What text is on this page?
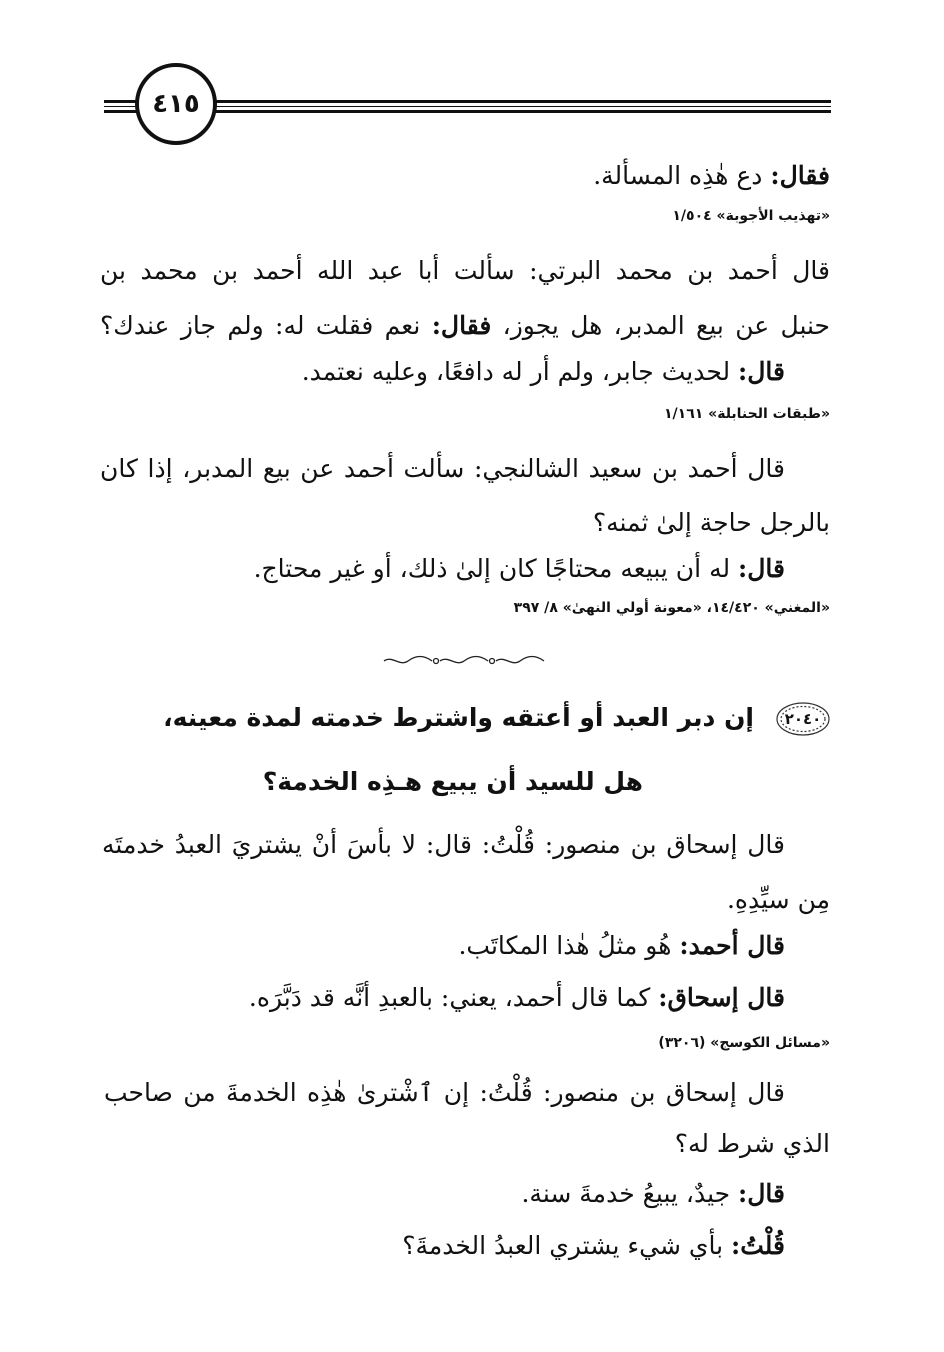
٤١٥
فقال: دع هٰذِه المسألة.
«تهذيب الأجوبة» ١/٥٠٤
قال أحمد بن محمد البرتي: سألت أبا عبد الله أحمد بن محمد بن
حنبل عن بيع المدبر، هل يجوز، فقال: نعم فقلت له: ولم جاز عندك؟
قال: لحديث جابر، ولم أر له دافعًا، وعليه نعتمد.
«طبقات الحنابلة» ١/١٦١
قال أحمد بن سعيد الشالنجي: سألت أحمد عن بيع المدبر، إذا كان
بالرجل حاجة إلىٰ ثمنه؟
قال: له أن يبيعه محتاجًا كان إلىٰ ذلك، أو غير محتاج.
«المغني» ١٤/٤٢٠، «معونة أولي النهىٰ» ٨/ ٣٩٧
٢٠٤٠
إن دبر العبد أو أعتقه واشترط خدمته لمدة معينه،
هل للسيد أن يبيع هـذِه الخدمة؟
قال إسحاق بن منصور: قُلْتُ: قال: لا بأسَ أنْ يشتريَ العبدُ خدمتَه
مِن سيِّدِهِ.
قال أحمد: هُو مثلُ هٰذا المكاتَب.
قال إسحاق: كما قال أحمد، يعني: بالعبدِ أنَّه قد دَبَّرَه.
«مسائل الكوسج» (٣٢٠٦)
قال إسحاق بن منصور: قُلْتُ: إن ٱشْترىٰ هٰذِه الخدمةَ من صاحب
الذي شرط له؟
قال: جيدٌ، يبيعُ خدمةَ سنة.
قُلْتُ: بأي شيء يشتري العبدُ الخدمةَ؟
